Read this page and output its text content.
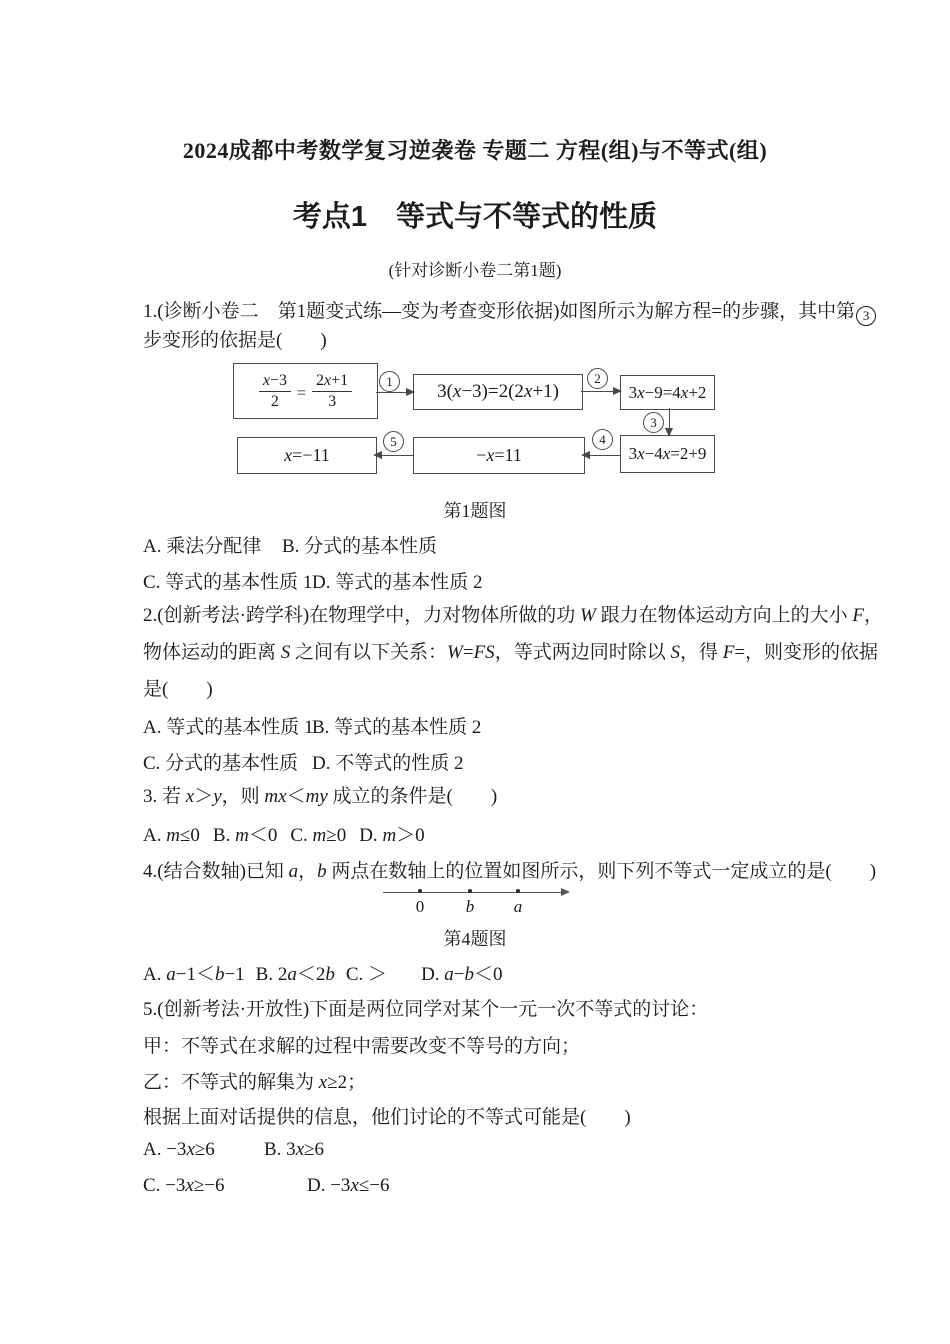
2024成都中考数学复习逆袭卷 专题二 方程(组)与不等式(组)
考点1　等式与不等式的性质
(针对诊断小卷二第1题)
1.(诊断小卷二　第1题变式练—变为考查变形依据)如图所示为解方程=的步骤，其中第 3
步变形的依据是(　　)
$\frac{x-3}{2} = \frac{2x+1}{3}$	3( x −3)=2(2 x +1)	3 x −9=4 x +2
3 x −4 x =2+9
− x =11
x =−11
1	2
3
4
5
第1题图
A. 乘法分配律 B. 分式的基本性质
C. 等式的基本性质 1D. 等式的基本性质 2
2.(创新考法·跨学科)在物理学中，力对物体所做的功 W 跟力在物体运动方向上的大小 F，
物体运动的距离 S 之间有以下关系：W=FS，等式两边同时除以 S，得 F=，则变形的依据
是(　　)
A. 等式的基本性质 1B. 等式的基本性质 2
C. 分式的基本性质 D. 不等式的性质 2
3. 若 x＞y，则 mx＜my 成立的条件是(　　)
A. m≤0 B. m＜0 C. m≥0 D. m＞0
4.(结合数轴)已知 a，b 两点在数轴上的位置如图所示，则下列不等式一定成立的是(　　)
0 b a
第4题图
A. a−1＜b−1 B. 2a＜2b C. ＞ D. a−b＜0
5.(创新考法·开放性)下面是两位同学对某个一元一次不等式的讨论：
甲：不等式在求解的过程中需要改变不等号的方向；
乙：不等式的解集为 x≥2；
根据上面对话提供的信息，他们讨论的不等式可能是(　　)
A. −3x≥6	B. 3x≥6
C. −3x≥−6	D. −3x≤−6
